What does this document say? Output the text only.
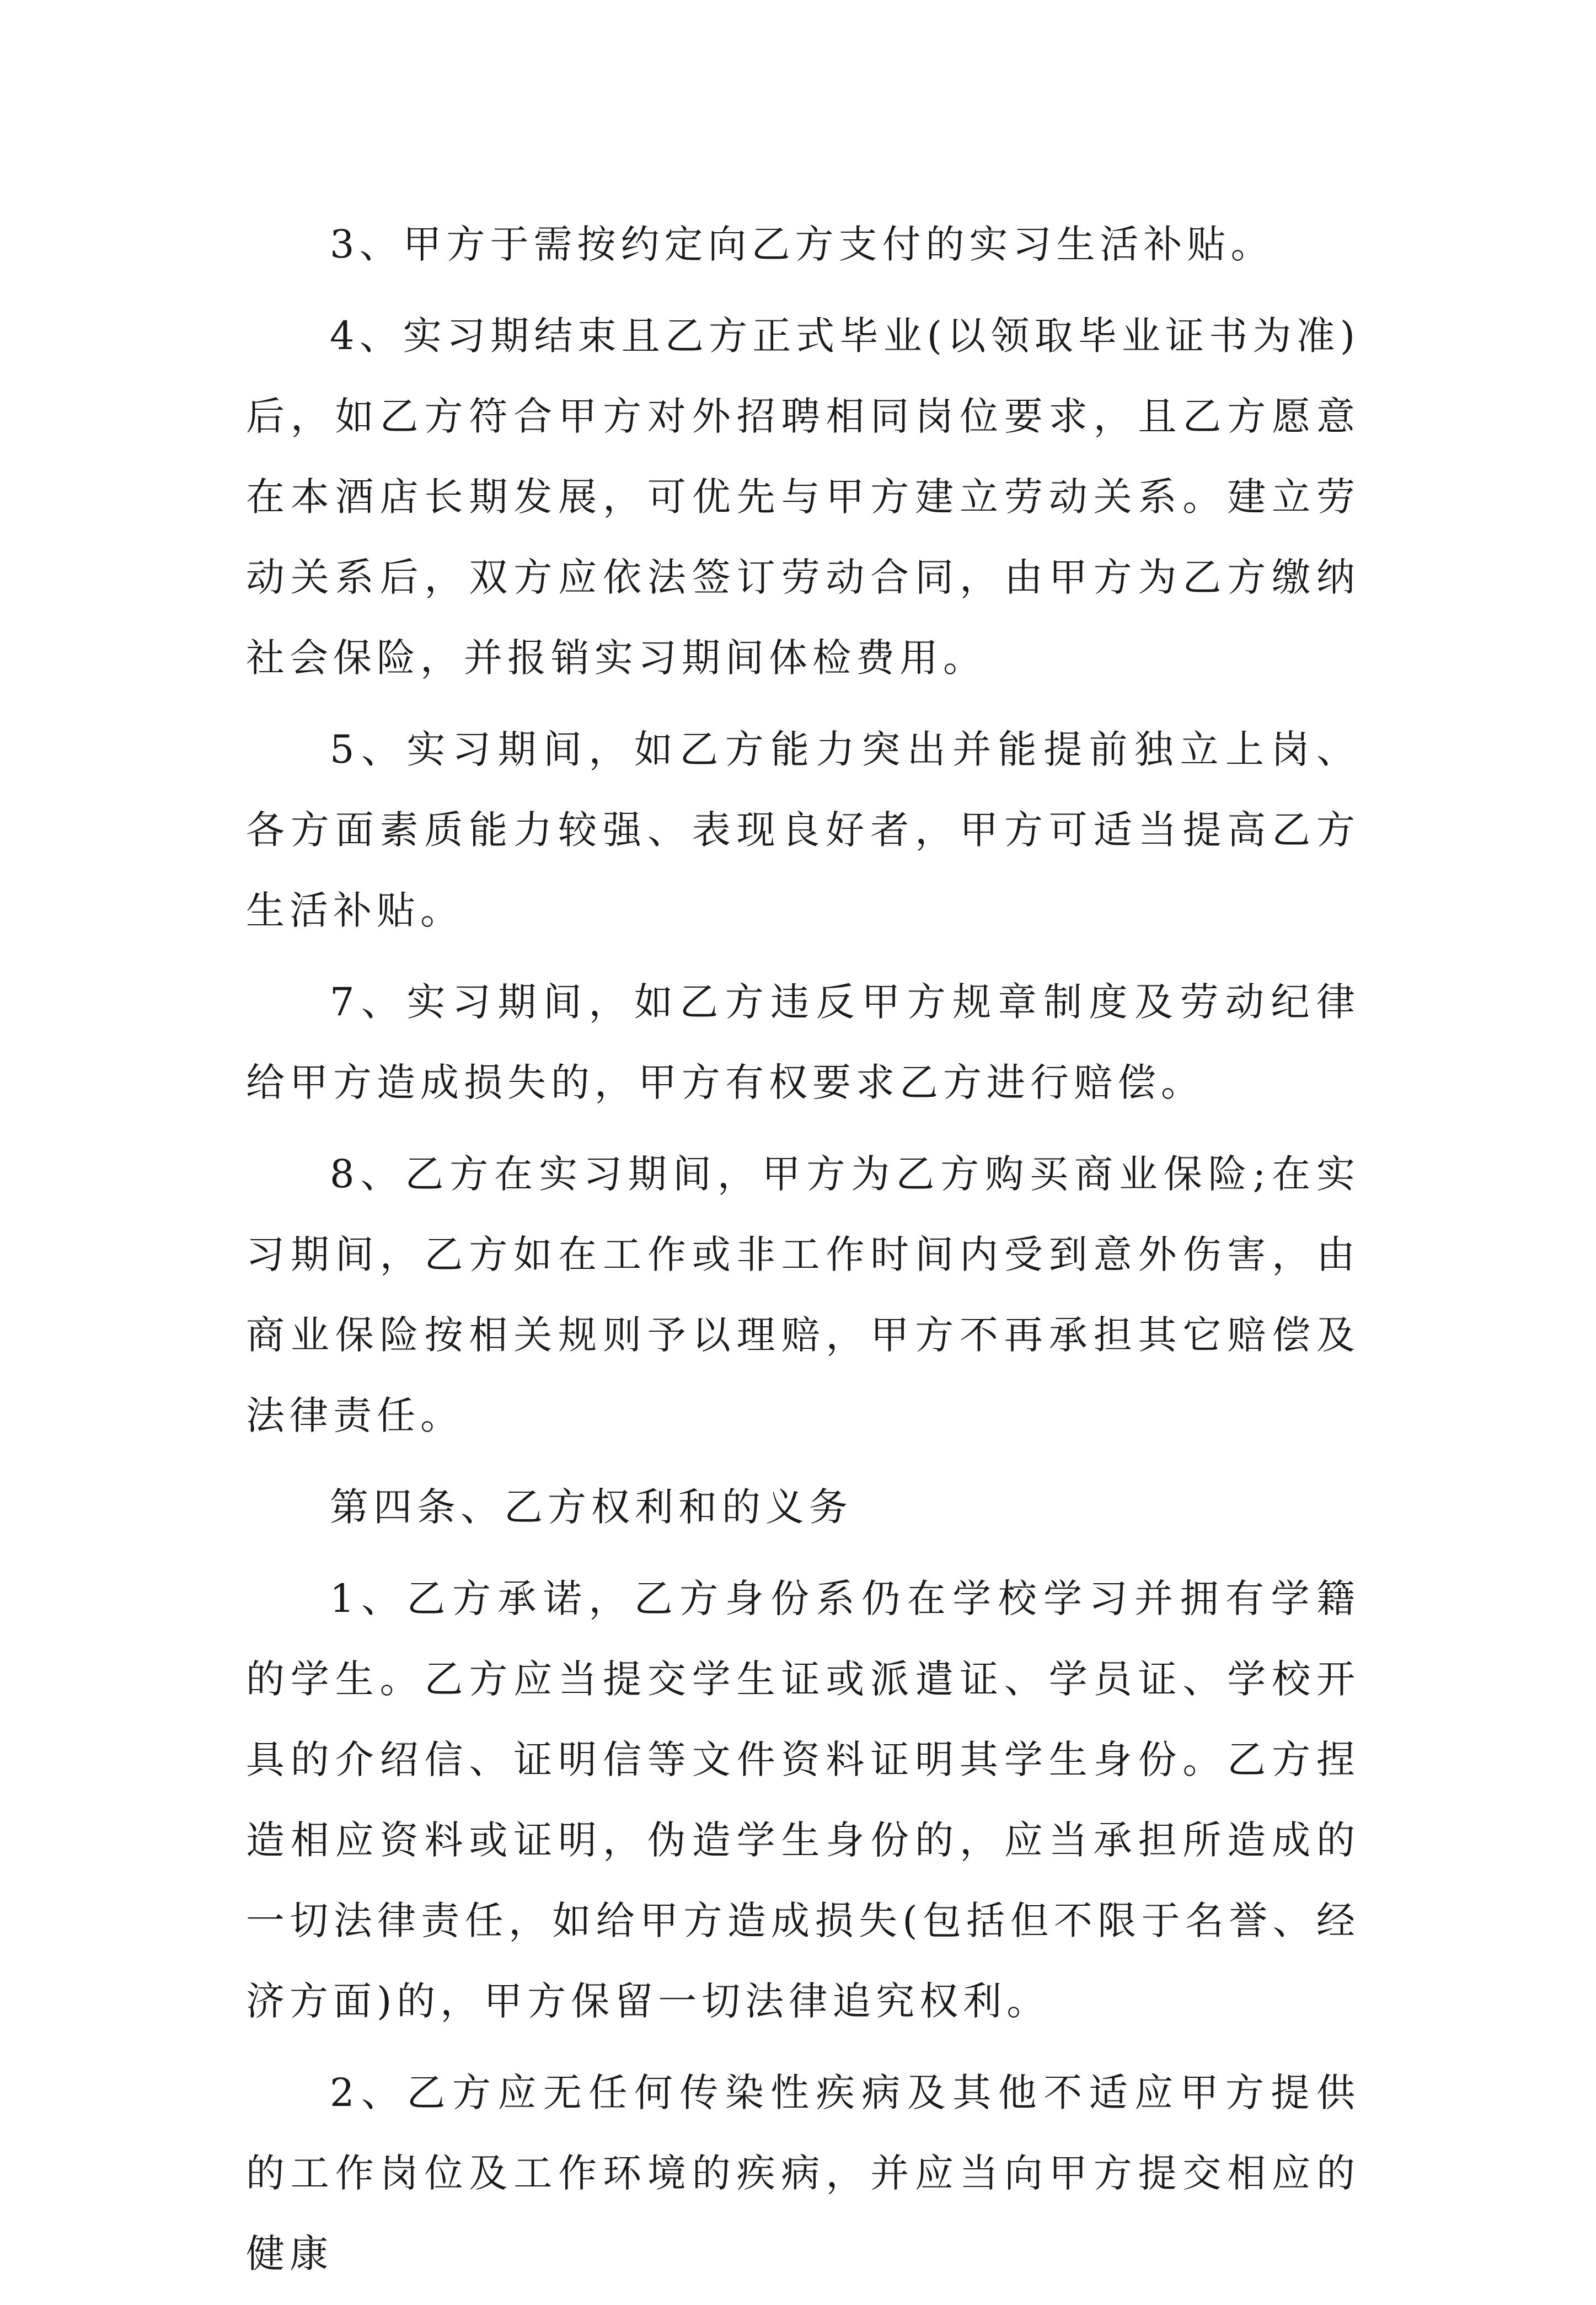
3、甲方于需按约定向乙方支付的实习生活补贴。

4、实习期结束且乙方正式毕业(以领取毕业证书为准)后，如乙方符合甲方对外招聘相同岗位要求，且乙方愿意在本酒店长期发展，可优先与甲方建立劳动关系。建立劳动关系后，双方应依法签订劳动合同，由甲方为乙方缴纳社会保险，并报销实习期间体检费用。

5、实习期间，如乙方能力突出并能提前独立上岗、各方面素质能力较强、表现良好者，甲方可适当提高乙方生活补贴。

7、实习期间，如乙方违反甲方规章制度及劳动纪律给甲方造成损失的，甲方有权要求乙方进行赔偿。

8、乙方在实习期间，甲方为乙方购买商业保险;在实习期间，乙方如在工作或非工作时间内受到意外伤害，由商业保险按相关规则予以理赔，甲方不再承担其它赔偿及法律责任。

第四条、乙方权利和的义务

1、乙方承诺，乙方身份系仍在学校学习并拥有学籍的学生。乙方应当提交学生证或派遣证、学员证、学校开具的介绍信、证明信等文件资料证明其学生身份。乙方捏造相应资料或证明，伪造学生身份的，应当承担所造成的一切法律责任，如给甲方造成损失(包括但不限于名誉、经济方面)的，甲方保留一切法律追究权利。

2、乙方应无任何传染性疾病及其他不适应甲方提供的工作岗位及工作环境的疾病，并应当向甲方提交相应的健康
